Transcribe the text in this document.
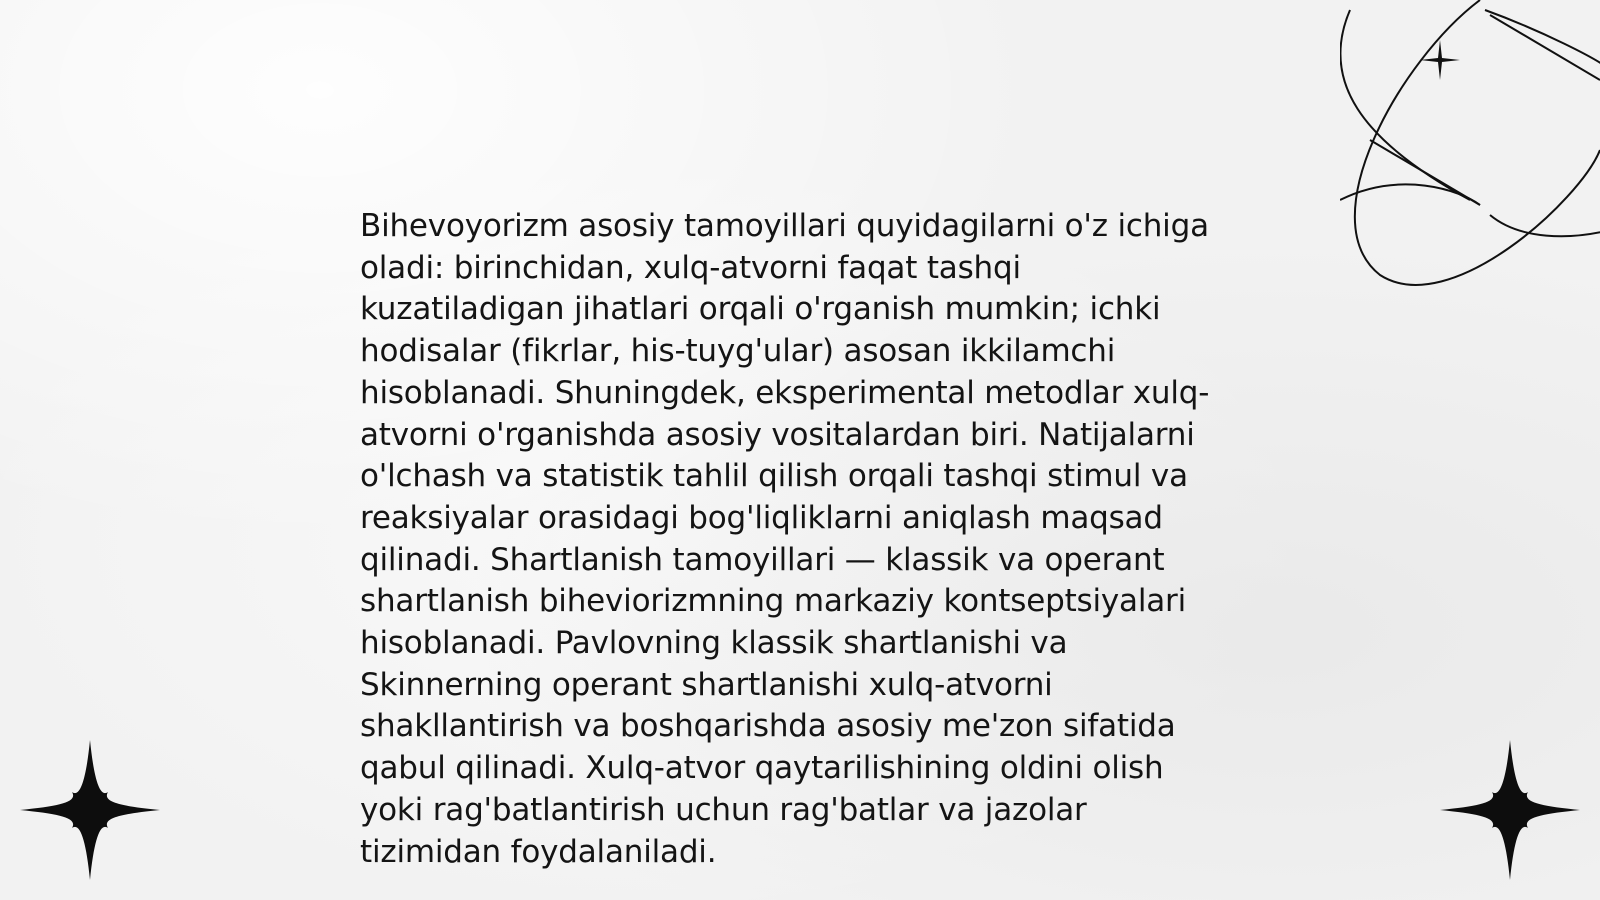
Bihevoyorizm asosiy tamoyillari quyidagilarni o'z ichiga oladi: birinchidan, xulq-atvorni faqat tashqi kuzatiladigan jihatlari orqali o'rganish mumkin; ichki hodisalar (fikrlar, his-tuyg'ular) asosan ikkilamchi hisoblanadi. Shuningdek, eksperimental metodlar xulq-atvorni o'rganishda asosiy vositalardan biri. Natijalarni o'lchash va statistik tahlil qilish orqali tashqi stimul va reaksiyalar orasidagi bog'liqliklarni aniqlash maqsad qilinadi. Shartlanish tamoyillari — klassik va operant shartlanish biheviorizmning markaziy kontseptsiyalari hisoblanadi. Pavlovning klassik shartlanishi va Skinnerning operant shartlanishi xulq-atvorni shakllantirish va boshqarishda asosiy me'zon sifatida qabul qilinadi. Xulq-atvor qaytarilishining oldini olish yoki rag'batlantirish uchun rag'batlar va jazolar tizimidan foydalaniladi.
